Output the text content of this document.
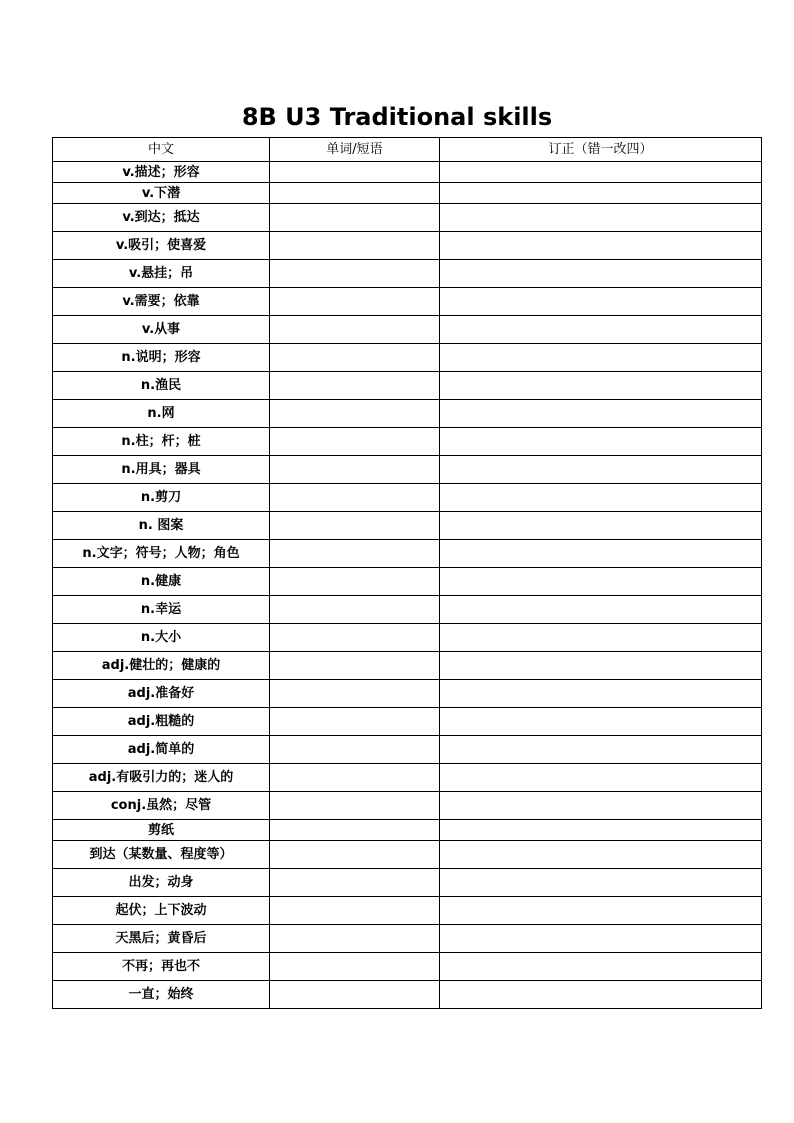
8B U3 Traditional skills
中文	单词/短语	订正（错一改四）
v.描述；形容		
v.下潜		
v.到达；抵达		
v.吸引；使喜爱		
v.悬挂；吊		
v.需要；依靠		
v.从事		
n.说明；形容		
n.渔民		
n.网		
n.柱；杆；桩		
n.用具；器具		
n.剪刀		
n. 图案		
n.文字；符号；人物；角色		
n.健康		
n.幸运		
n.大小		
adj.健壮的；健康的		
adj.准备好		
adj.粗糙的		
adj.简单的		
adj.有吸引力的；迷人的		
conj.虽然；尽管		
剪纸		
到达（某数量、程度等）		
出发；动身		
起伏；上下波动		
天黑后；黄昏后		
不再；再也不		
一直；始终		
